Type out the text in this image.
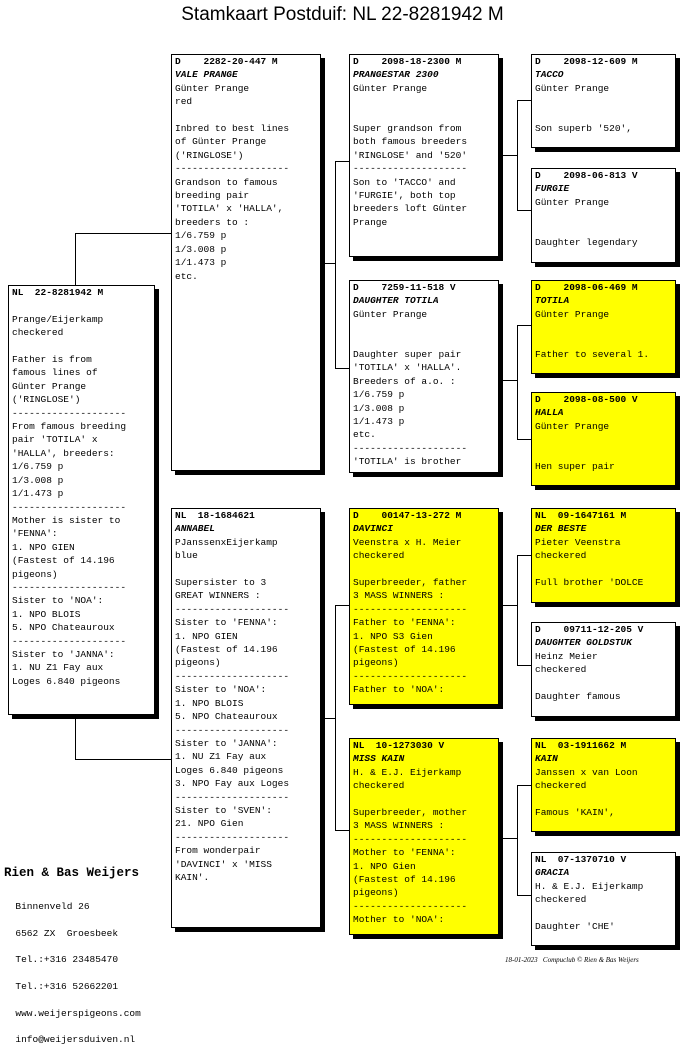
Stamkaart Postduif: NL 22-8281942 M
NL  22-8281942 M

Prange/Eijerkamp
checkered

Father is from
famous lines of
Günter Prange
('RINGLOSE')
--------------------
From famous breeding
pair 'TOTILA' x
'HALLA', breeders:
1/6.759 p
1/3.008 p
1/1.473 p
--------------------
Mother is sister to
'FENNA':
1. NPO GIEN
(Fastest of 14.196
pigeons)
--------------------
Sister to 'NOA':
1. NPO BLOIS
5. NPO Chateauroux
--------------------
Sister to 'JANNA':
1. NU Z1 Fay aux
Loges 6.840 pigeons
D    2282-20-447 M
VALE PRANGE
Günter Prange
red

Inbred to best lines
of Günter Prange
('RINGLOSE')
--------------------
Grandson to famous
breeding pair
'TOTILA' x 'HALLA',
breeders to :
1/6.759 p
1/3.008 p
1/1.473 p
etc.
NL  18-1684621
ANNABEL
PJanssenxEijerkamp
blue

Supersister to 3
GREAT WINNERS :
--------------------
Sister to 'FENNA':
1. NPO GIEN
(Fastest of 14.196
pigeons)
--------------------
Sister to 'NOA':
1. NPO BLOIS
5. NPO Chateauroux
--------------------
Sister to 'JANNA':
1. NU Z1 Fay aux
Loges 6.840 pigeons
3. NPO Fay aux Loges
--------------------
Sister to 'SVEN':
21. NPO Gien
--------------------
From wonderpair
'DAVINCI' x 'MISS
KAIN'.
D    2098-18-2300 M
PRANGESTAR 2300
Günter Prange

Super grandson from
both famous breeders
'RINGLOSE' and '520'
--------------------
Son to 'TACCO' and
'FURGIE', both top
breeders loft Günter
Prange
D    7259-11-518 V
DAUGHTER TOTILA
Günter Prange

Daughter super pair
'TOTILA' x 'HALLA'.
Breeders of a.o. :
1/6.759 p
1/3.008 p
1/1.473 p
etc.
--------------------
'TOTILA' is brother
D    00147-13-272 M
DAVINCI
Veenstra x H. Meier
checkered

Superbreeder, father
3 MASS WINNERS :
--------------------
Father to 'FENNA':
1. NPO S3 Gien
(Fastest of 14.196
pigeons)
--------------------
Father to 'NOA':
NL  10-1273030 V
MISS KAIN
H. & E.J. Eijerkamp
checkered

Superbreeder, mother
3 MASS WINNERS :
--------------------
Mother to 'FENNA':
1. NPO Gien
(Fastest of 14.196
pigeons)
--------------------
Mother to 'NOA':
D    2098-12-609 M
TACCO
Günter Prange

Son superb '520',
D    2098-06-813 V
FURGIE
Günter Prange

Daughter legendary
D    2098-06-469 M
TOTILA
Günter Prange

Father to several 1.
D    2098-08-500 V
HALLA
Günter Prange

Hen super pair
NL  09-1647161 M
DER BESTE
Pieter Veenstra
checkered

Full brother 'DOLCE
D    09711-12-205 V
DAUGHTER GOLDSTUK
Heinz Meier
checkered

Daughter famous
NL  03-1911662 M
KAIN
Janssen x van Loon
checkered

Famous 'KAIN',
NL  07-1370710 V
GRACIA
H. & E.J. Eijerkamp
checkered

Daughter 'CHE'
Rien & Bas Weijers

Binnenveld 26

6562 ZX  Groesbeek

Tel.:+316 23485470

Tel.:+316 52662201

www.weijerspigeons.com

info@weijersduiven.nl

18-01-2023   Compuclub © Rien & Bas Weijers
